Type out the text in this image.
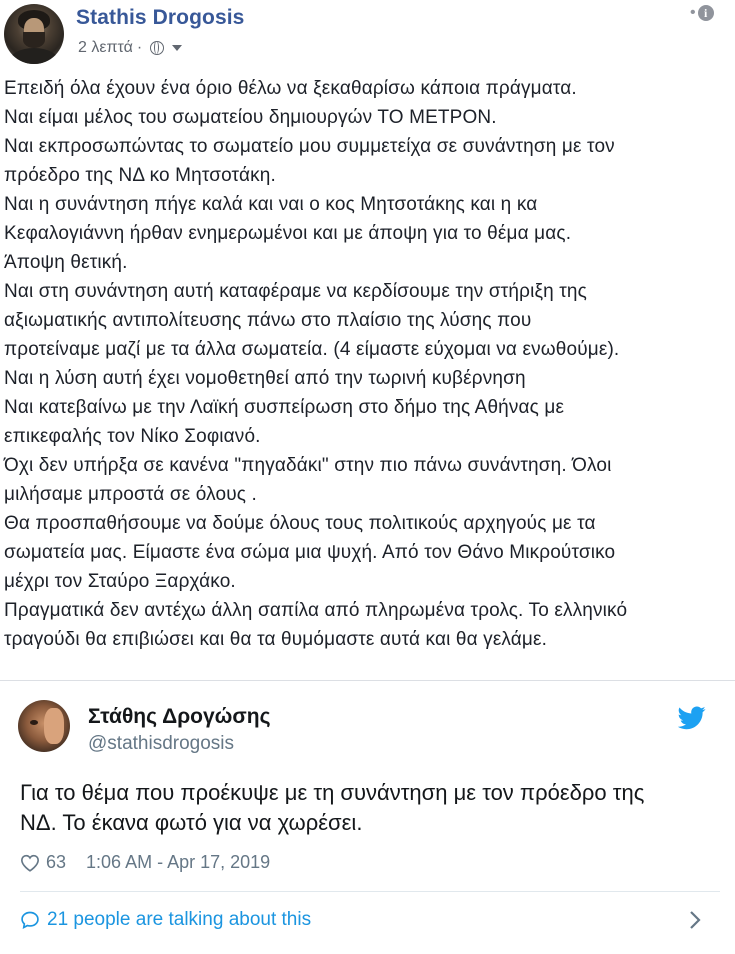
Stathis Drogosis
2 λεπτά ·
• i
Επειδή όλα έχουν ένα όριο θέλω να ξεκαθαρίσω κάποια πράγματα.
Ναι είμαι μέλος του σωματείου δημιουργών ΤΟ ΜΕΤΡΟΝ.
Ναι εκπροσωπώντας το σωματείο μου συμμετείχα σε συνάντηση με τον
πρόεδρο της ΝΔ κο Μητσοτάκη.
Ναι η συνάντηση πήγε καλά και ναι ο κος Μητσοτάκης και η κα
Κεφαλογιάννη ήρθαν ενημερωμένοι και με άποψη για το θέμα μας.
Άποψη θετική.
Ναι στη συνάντηση αυτή καταφέραμε να κερδίσουμε την στήριξη της
αξιωματικής αντιπολίτευσης πάνω στο πλαίσιο της λύσης που
προτείναμε μαζί με τα άλλα σωματεία. (4 είμαστε εύχομαι να ενωθούμε).
Ναι η λύση αυτή έχει νομοθετηθεί από την τωρινή κυβέρνηση
Ναι κατεβαίνω με την Λαϊκή συσπείρωση στο δήμο της Αθήνας με
επικεφαλής τον Νίκο Σοφιανό.
Όχι δεν υπήρξα σε κανένα "πηγαδάκι" στην πιο πάνω συνάντηση. Όλοι
μιλήσαμε μπροστά σε όλους .
Θα προσπαθήσουμε να δούμε όλους τους πολιτικούς αρχηγούς με τα
σωματεία μας. Είμαστε ένα σώμα μια ψυχή. Από τον Θάνο Μικρούτσικο
μέχρι τον Σταύρο Ξαρχάκο.
Πραγματικά δεν αντέχω άλλη σαπίλα από πληρωμένα τρολς. Το ελληνικό
τραγούδι θα επιβιώσει και θα τα θυμόμαστε αυτά και θα γελάμε.
Στάθης Δρογώσης
@stathisdrogosis
Για το θέμα που προέκυψε με τη συνάντηση με τον πρόεδρο της
ΝΔ. Το έκανα φωτό για να χωρέσει.
63 1:06 AM - Apr 17, 2019
21 people are talking about this
